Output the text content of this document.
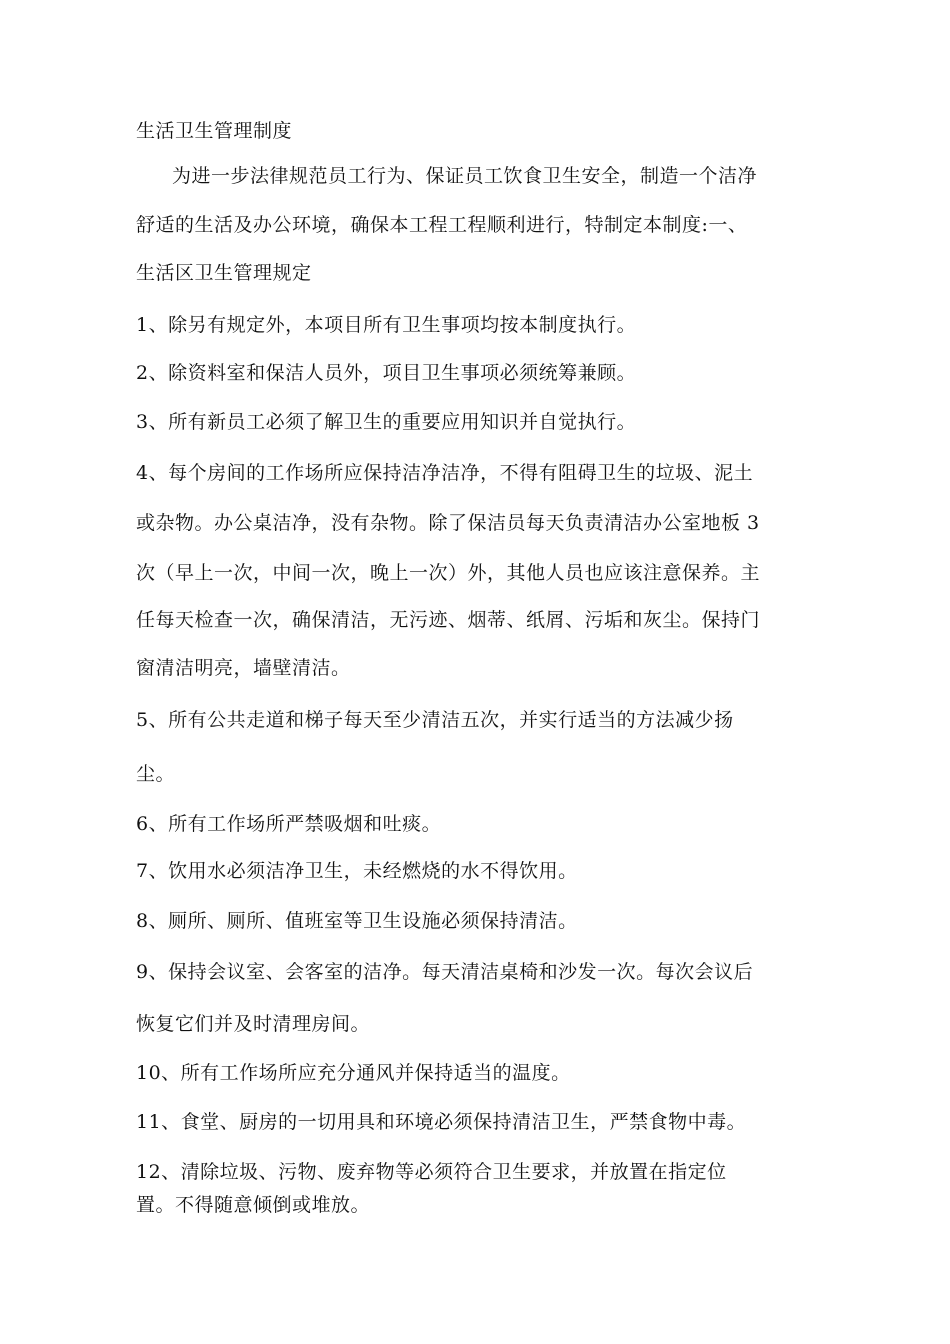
生活卫生管理制度
为进一步法律规范员工行为、保证员工饮食卫生安全，制造一个洁净
舒适的生活及办公环境，确保本工程工程顺利进行，特制定本制度:一、
生活区卫生管理规定
1、除另有规定外，本项目所有卫生事项均按本制度执行。
2、除资料室和保洁人员外，项目卫生事项必须统筹兼顾。
3、所有新员工必须了解卫生的重要应用知识并自觉执行。
4、每个房间的工作场所应保持洁净洁净，不得有阻碍卫生的垃圾、泥土
或杂物。办公桌洁净，没有杂物。除了保洁员每天负责清洁办公室地板 3
次（早上一次，中间一次，晚上一次）外，其他人员也应该注意保养。主
任每天检查一次，确保清洁，无污迹、烟蒂、纸屑、污垢和灰尘。保持门
窗清洁明亮，墙壁清洁。
5、所有公共走道和梯子每天至少清洁五次，并实行适当的方法减少扬
尘。
6、所有工作场所严禁吸烟和吐痰。
7、饮用水必须洁净卫生，未经燃烧的水不得饮用。
8、厕所、厕所、值班室等卫生设施必须保持清洁。
9、保持会议室、会客室的洁净。每天清洁桌椅和沙发一次。每次会议后
恢复它们并及时清理房间。
10、所有工作场所应充分通风并保持适当的温度。
11、食堂、厨房的一切用具和环境必须保持清洁卫生，严禁食物中毒。
12、清除垃圾、污物、废弃物等必须符合卫生要求，并放置在指定位
置。不得随意倾倒或堆放。
